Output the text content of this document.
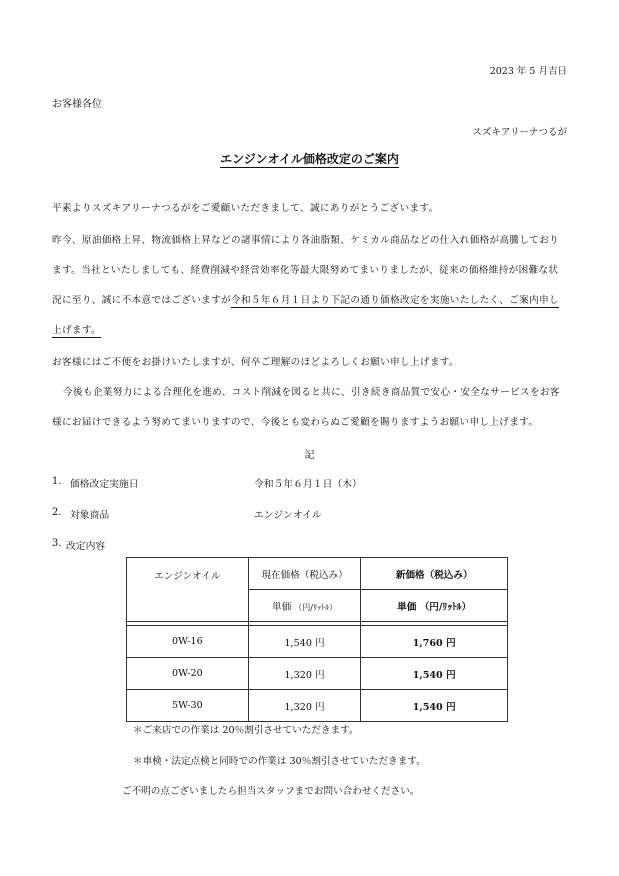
2023 年 5 月吉日
お客様各位
スズキアリーナつるが
エンジンオイル価格改定のご案内
平素よりスズキアリーナつるがをご愛顧いただきまして、誠にありがとうございます。
昨今、原油価格上昇、物流価格上昇などの諸事情により各油脂類、ケミカル商品などの仕入れ価格が高騰しており
ます。当社といたしましても、経費削減や経営効率化等最大限努めてまいりましたが、従来の価格維持が困難な状
況に至り、誠に不本意ではございますが令和５年６月１日より下記の通り価格改定を実施いたしたく、ご案内申し
上げます。
お客様にはご不便をお掛けいたしますが、何卒ご理解のほどよろしくお願い申し上げます。
今後も企業努力による合理化を進め、コスト削減を図ると共に、引き続き商品質で安心・安全なサービスをお客
様にお届けできるよう努めてまいりますので、今後とも変わらぬご愛顧を賜りますようお願い申し上げます。
記
1. 価格改定実施日	令和５年６月１日（木）
2. 対象商品	エンジンオイル
3. 改定内容
エンジンオイル	現在価格（税込み）	新価格（税込み）
	単価 （円/ﾘｯﾄﾙ）	単価 （円/ﾘｯﾄﾙ）

0W-16	1,540 円	1,760 円
0W-20	1,320 円	1,540 円
5W-30	1,320 円	1,540 円
＊ご来店での作業は 20％割引させていただきます。
＊車検・法定点検と同時での作業は 30％割引させていただきます。
ご不明の点ございましたら担当スタッフまでお問い合わせください。
